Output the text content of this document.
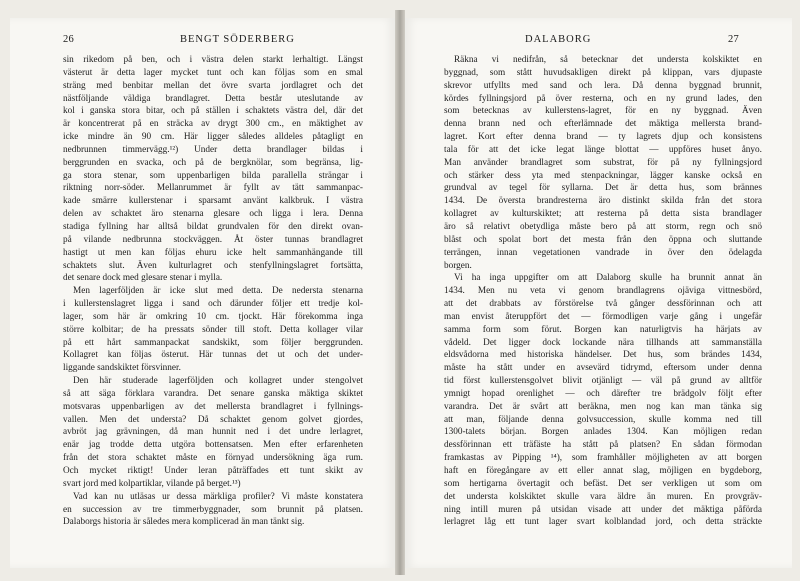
26	BENGT SÖDERBERG
sin rikedom på ben, och i västra delen starkt lerhaltigt. Längst
västerut är detta lager mycket tunt och kan följas som en smal
sträng med benbitar mellan det övre svarta jordlagret och det
nästföljande väldiga brandlagret. Detta består uteslutande av
kol i ganska stora bitar, och på ställen i schaktets västra del, där det
är koncentrerat på en sträcka av drygt 300 cm., en mäktighet av
icke mindre än 90 cm. Här ligger således alldeles påtagligt en
nedbrunnen timmervägg.¹²) Under detta brandlager bildas i
berggrunden en svacka, och på de bergknölar, som begränsa, lig-
ga stora stenar, som uppenbarligen bilda parallella strängar i
riktning norr-söder. Mellanrummet är fyllt av tätt sammanpac-
kade smärre kullerstenar i sparsamt använt kalkbruk. I västra
delen av schaktet äro stenarna glesare och ligga i lera. Denna
stadiga fyllning har alltså bildat grundvalen för den direkt ovan-
på vilande nedbrunna stockväggen. Åt öster tunnas brandlagret
hastigt ut men kan följas ehuru icke helt sammanhängande till
schaktets slut. Även kulturlagret och stenfyllningslagret fortsätta,
det senare dock med glesare stenar i mylla.
Men lagerföljden är icke slut med detta. De nedersta stenarna
i kullerstenslagret ligga i sand och därunder följer ett tredje kol-
lager, som här är omkring 10 cm. tjockt. Här förekomma inga
större kolbitar; de ha pressats sönder till stoft. Detta kollager vilar
på ett hårt sammanpackat sandskikt, som följer berggrunden.
Kollagret kan följas österut. Här tunnas det ut och det under-
liggande sandskiktet försvinner.
Den här studerade lagerföljden och kollagret under stengolvet
så att säga förklara varandra. Det senare ganska mäktiga skiktet
motsvaras uppenbarligen av det mellersta brandlagret i fyllnings-
vallen. Men det understa? Då schaktet genom golvet gjordes,
avbröt jag grävningen, då man hunnit ned i det undre lerlagret,
enär jag trodde detta utgöra bottensatsen. Men efter erfarenheten
från det stora schaktet måste en förnyad undersökning äga rum.
Och mycket riktigt! Under leran påträffades ett tunt skikt av
svart jord med kolpartiklar, vilande på berget.¹³)
Vad kan nu utläsas ur dessa märkliga profiler? Vi måste konstatera
en succession av tre timmerbyggnader, som brunnit på platsen.
Dalaborgs historia är således mera komplicerad än man tänkt sig.
DALABORG	27
Räkna vi nedifrån, så betecknar det understa kolskiktet en
byggnad, som stått huvudsakligen direkt på klippan, vars djupaste
skrevor utfyllts med sand och lera. Då denna byggnad brunnit,
kördes fyllningsjord på över resterna, och en ny grund lades, den
som betecknas av kullerstens-lagret, för en ny byggnad. Även
denna brann ned och efterlämnade det mäktiga mellersta brand-
lagret. Kort efter denna brand — ty lagrets djup och konsistens
tala för att det icke legat länge blottat — uppföres huset ånyo.
Man använder brandlagret som substrat, för på ny fyllningsjord
och stärker dess yta med stenpackningar, lägger kanske också en
grundval av tegel för syllarna. Det är detta hus, som brännes
1434. De översta brandresterna äro distinkt skilda från det stora
kollagret av kulturskiktet; att resterna på detta sista brandlager
äro så relativt obetydliga måste bero på att storm, regn och snö
blåst och spolat bort det mesta från den öppna och sluttande
terrängen, innan vegetationen vandrade in över den ödelagda
borgen.
Vi ha inga uppgifter om att Dalaborg skulle ha brunnit annat än
1434. Men nu veta vi genom brandlagrens ojäviga vittnesbörd,
att det drabbats av förstörelse två gånger dessförinnan och att
man envist återuppfört det — förmodligen varje gång i ungefär
samma form som förut. Borgen kan naturligtvis ha härjats av
vådeld. Det ligger dock lockande nära tillhands att sammanställa
eldsvådorna med historiska händelser. Det hus, som brändes 1434,
måste ha stått under en avsevärd tidrymd, eftersom under denna
tid först kullerstensgolvet blivit otjänligt — väl på grund av alltför
ymnigt hopad orenlighet — och därefter tre brädgolv följt efter
varandra. Det är svårt att beräkna, men nog kan man tänka sig
att man, följande denna golvsuccession, skulle komma ned till
1300-talets början. Borgen anlades 1304. Kan möjligen redan
dessförinnan ett träfäste ha stått på platsen? En sådan förmodan
framkastas av Pipping ¹⁴), som framhåller möjligheten av att borgen
haft en föregångare av ett eller annat slag, möjligen en bygdeborg,
som hertigarna övertagit och befäst. Det ser verkligen ut som om
det understa kolskiktet skulle vara äldre än muren. En provgräv-
ning intill muren på utsidan visade att under det mäktiga påförda
lerlagret låg ett tunt lager svart kolblandad jord, och detta sträckte
